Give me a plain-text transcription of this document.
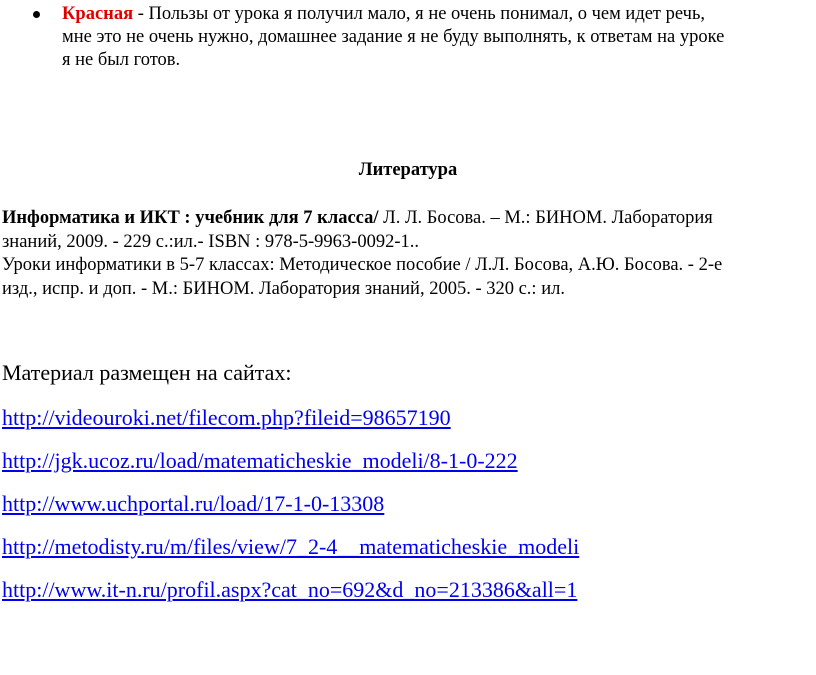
Красная - Пользы от урока я получил мало, я не очень понимал, о чем идет речь,
мне это не очень нужно, домашнее задание я не буду выполнять, к ответам на уроке
я не был готов.
Литература
Информатика и ИКТ : учебник для 7 класса/ Л. Л. Босова. – М.: БИНОМ. Лаборатория
знаний, 2009. - 229 с.:ил.- ISBN : 978-5-9963-0092-1..
Уроки информатики в 5-7 классах: Методическое пособие / Л.Л. Босова, А.Ю. Босова. - 2-е
изд., испр. и доп. - М.: БИНОМ. Лаборатория знаний, 2005. - 320 с.: ил.
Материал размещен на сайтах:
http://videouroki.net/filecom.php?fileid=98657190
http://jgk.ucoz.ru/load/matematicheskie_modeli/8-1-0-222
http://www.uchportal.ru/load/17-1-0-13308
http://metodisty.ru/m/files/view/7_2-4__matematicheskie_modeli
http://www.it-n.ru/profil.aspx?cat_no=692&d_no=213386&all=1
